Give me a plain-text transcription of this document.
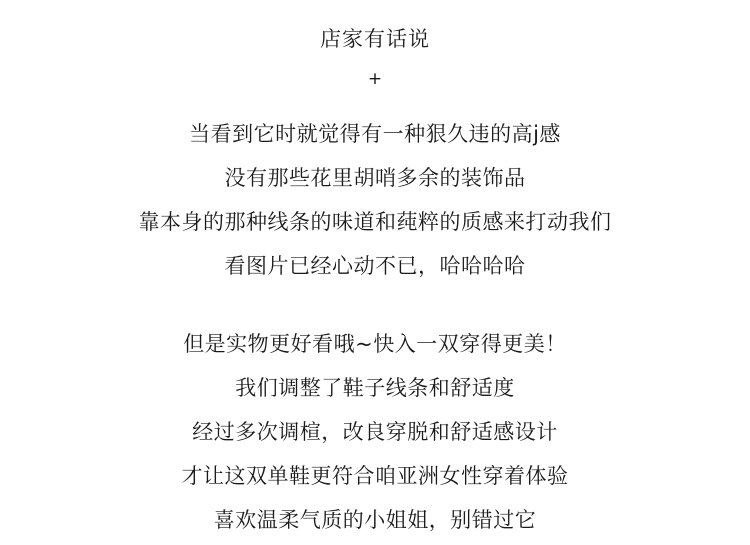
店家有话说
+
当看到它时就觉得有一种狠久违的高j感
没有那些花里胡哨多余的装饰品
靠本身的那种线条的味道和莼粹的质感来打动我们
看图片已经心动不已，哈哈哈哈
但是实物更好看哦~快入一双穿得更美！
我们调整了鞋子线条和舒适度
经过多次调楦，改良穿脱和舒适感设计
才让这双单鞋更符合咱亚洲女性穿着体验
喜欢温柔气质的小姐姐，别错过它
